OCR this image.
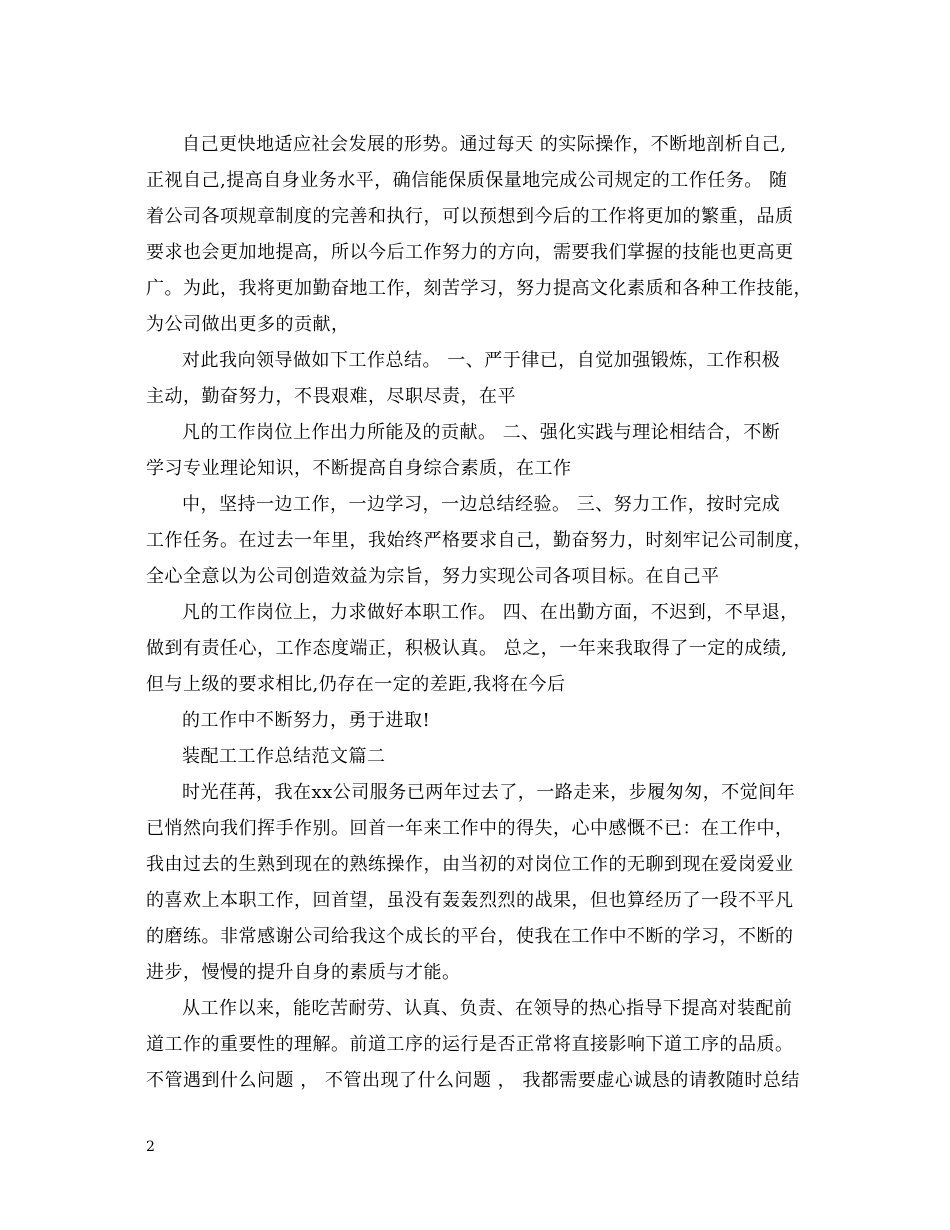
自己更快地适应社会发展的形势。通过每天 的实际操作，不断地剖析自己,
正视自己,提高自身业务水平，确信能保质保量地完成公司规定的工作任务。 随
着公司各项规章制度的完善和执行，可以预想到今后的工作将更加的繁重，品质
要求也会更加地提高，所以今后工作努力的方向，需要我们掌握的技能也更高更
广。为此，我将更加勤奋地工作，刻苦学习，努力提高文化素质和各种工作技能，
为公司做出更多的贡献，
对此我向领导做如下工作总结。 一、严于律已，自觉加强锻炼，工作积极
主动，勤奋努力，不畏艰难，尽职尽责，在平
凡的工作岗位上作出力所能及的贡献。 二、强化实践与理论相结合，不断
学习专业理论知识，不断提高自身综合素质，在工作
中，坚持一边工作，一边学习，一边总结经验。 三、努力工作，按时完成
工作任务。在过去一年里，我始终严格要求自己，勤奋努力，时刻牢记公司制度，
全心全意以为公司创造效益为宗旨，努力实现公司各项目标。在自己平
凡的工作岗位上，力求做好本职工作。 四、在出勤方面，不迟到，不早退，
做到有责任心，工作态度端正，积极认真。 总之，一年来我取得了一定的成绩,
但与上级的要求相比,仍存在一定的差距,我将在今后
的工作中不断努力，勇于进取!
装配工工作总结范文篇二
时光荏苒，我在xx公司服务已两年过去了，一路走来，步履匆匆，不觉间年
已悄然向我们挥手作别。回首一年来工作中的得失，心中感慨不已：在工作中，
我由过去的生熟到现在的熟练操作，由当初的对岗位工作的无聊到现在爱岗爱业
的喜欢上本职工作，回首望，虽没有轰轰烈烈的战果，但也算经历了一段不平凡
的磨练。非常感谢公司给我这个成长的平台，使我在工作中不断的学习，不断的
进步，慢慢的提升自身的素质与才能。
从工作以来，能吃苦耐劳、认真、负责、在领导的热心指导下提高对装配前
道工作的重要性的理解。前道工序的运行是否正常将直接影响下道工序的品质。
不管遇到什么问题 ， 不管出现了什么问题 ， 我都需要虚心诚恳的请教随时总结
2
